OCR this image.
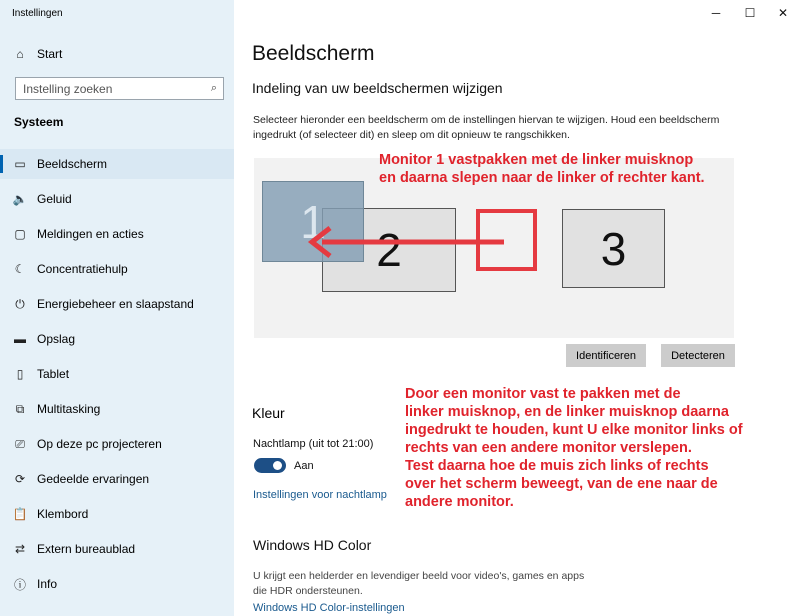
Instellingen
⌂ Start
Instelling zoeken
⌕
Systeem
▭ Beeldscherm
🔈 Geluid
▢ Meldingen en acties
☾ Concentratiehulp
⏻ Energiebeheer en slaapstand
▬ Opslag
▯	Tablet
⧉ Multitasking
⎚ Op deze pc projecteren
⟳ Gedeelde ervaringen
📋 Klembord
⇄ Extern bureaublad
ⓘ Info
─	☐	✕
Beeldscherm
Indeling van uw beeldschermen wijzigen
Selecteer hieronder een beeldscherm om de instellingen hiervan te wijzigen. Houd een beeldscherm ingedrukt (of selecteer dit) en sleep om dit opnieuw te rangschikken.
2	3
1
Identificeren	Detecteren
Monitor 1 vastpakken met de linker muisknop
en daarna slepen naar de linker of rechter kant.
Door een monitor vast te pakken met de
linker muisknop, en de linker muisknop daarna
ingedrukt te houden, kunt U elke monitor links of
rechts van een andere monitor verslepen.
Test daarna hoe de muis zich links of rechts
over het scherm beweegt, van de ene naar de
andere monitor.
Kleur
Nachtlamp (uit tot 21:00)
Aan
Instellingen voor nachtlamp
Windows HD Color
U krijgt een helderder en levendiger beeld voor video's, games en apps die HDR ondersteunen.
Windows HD Color-instellingen
